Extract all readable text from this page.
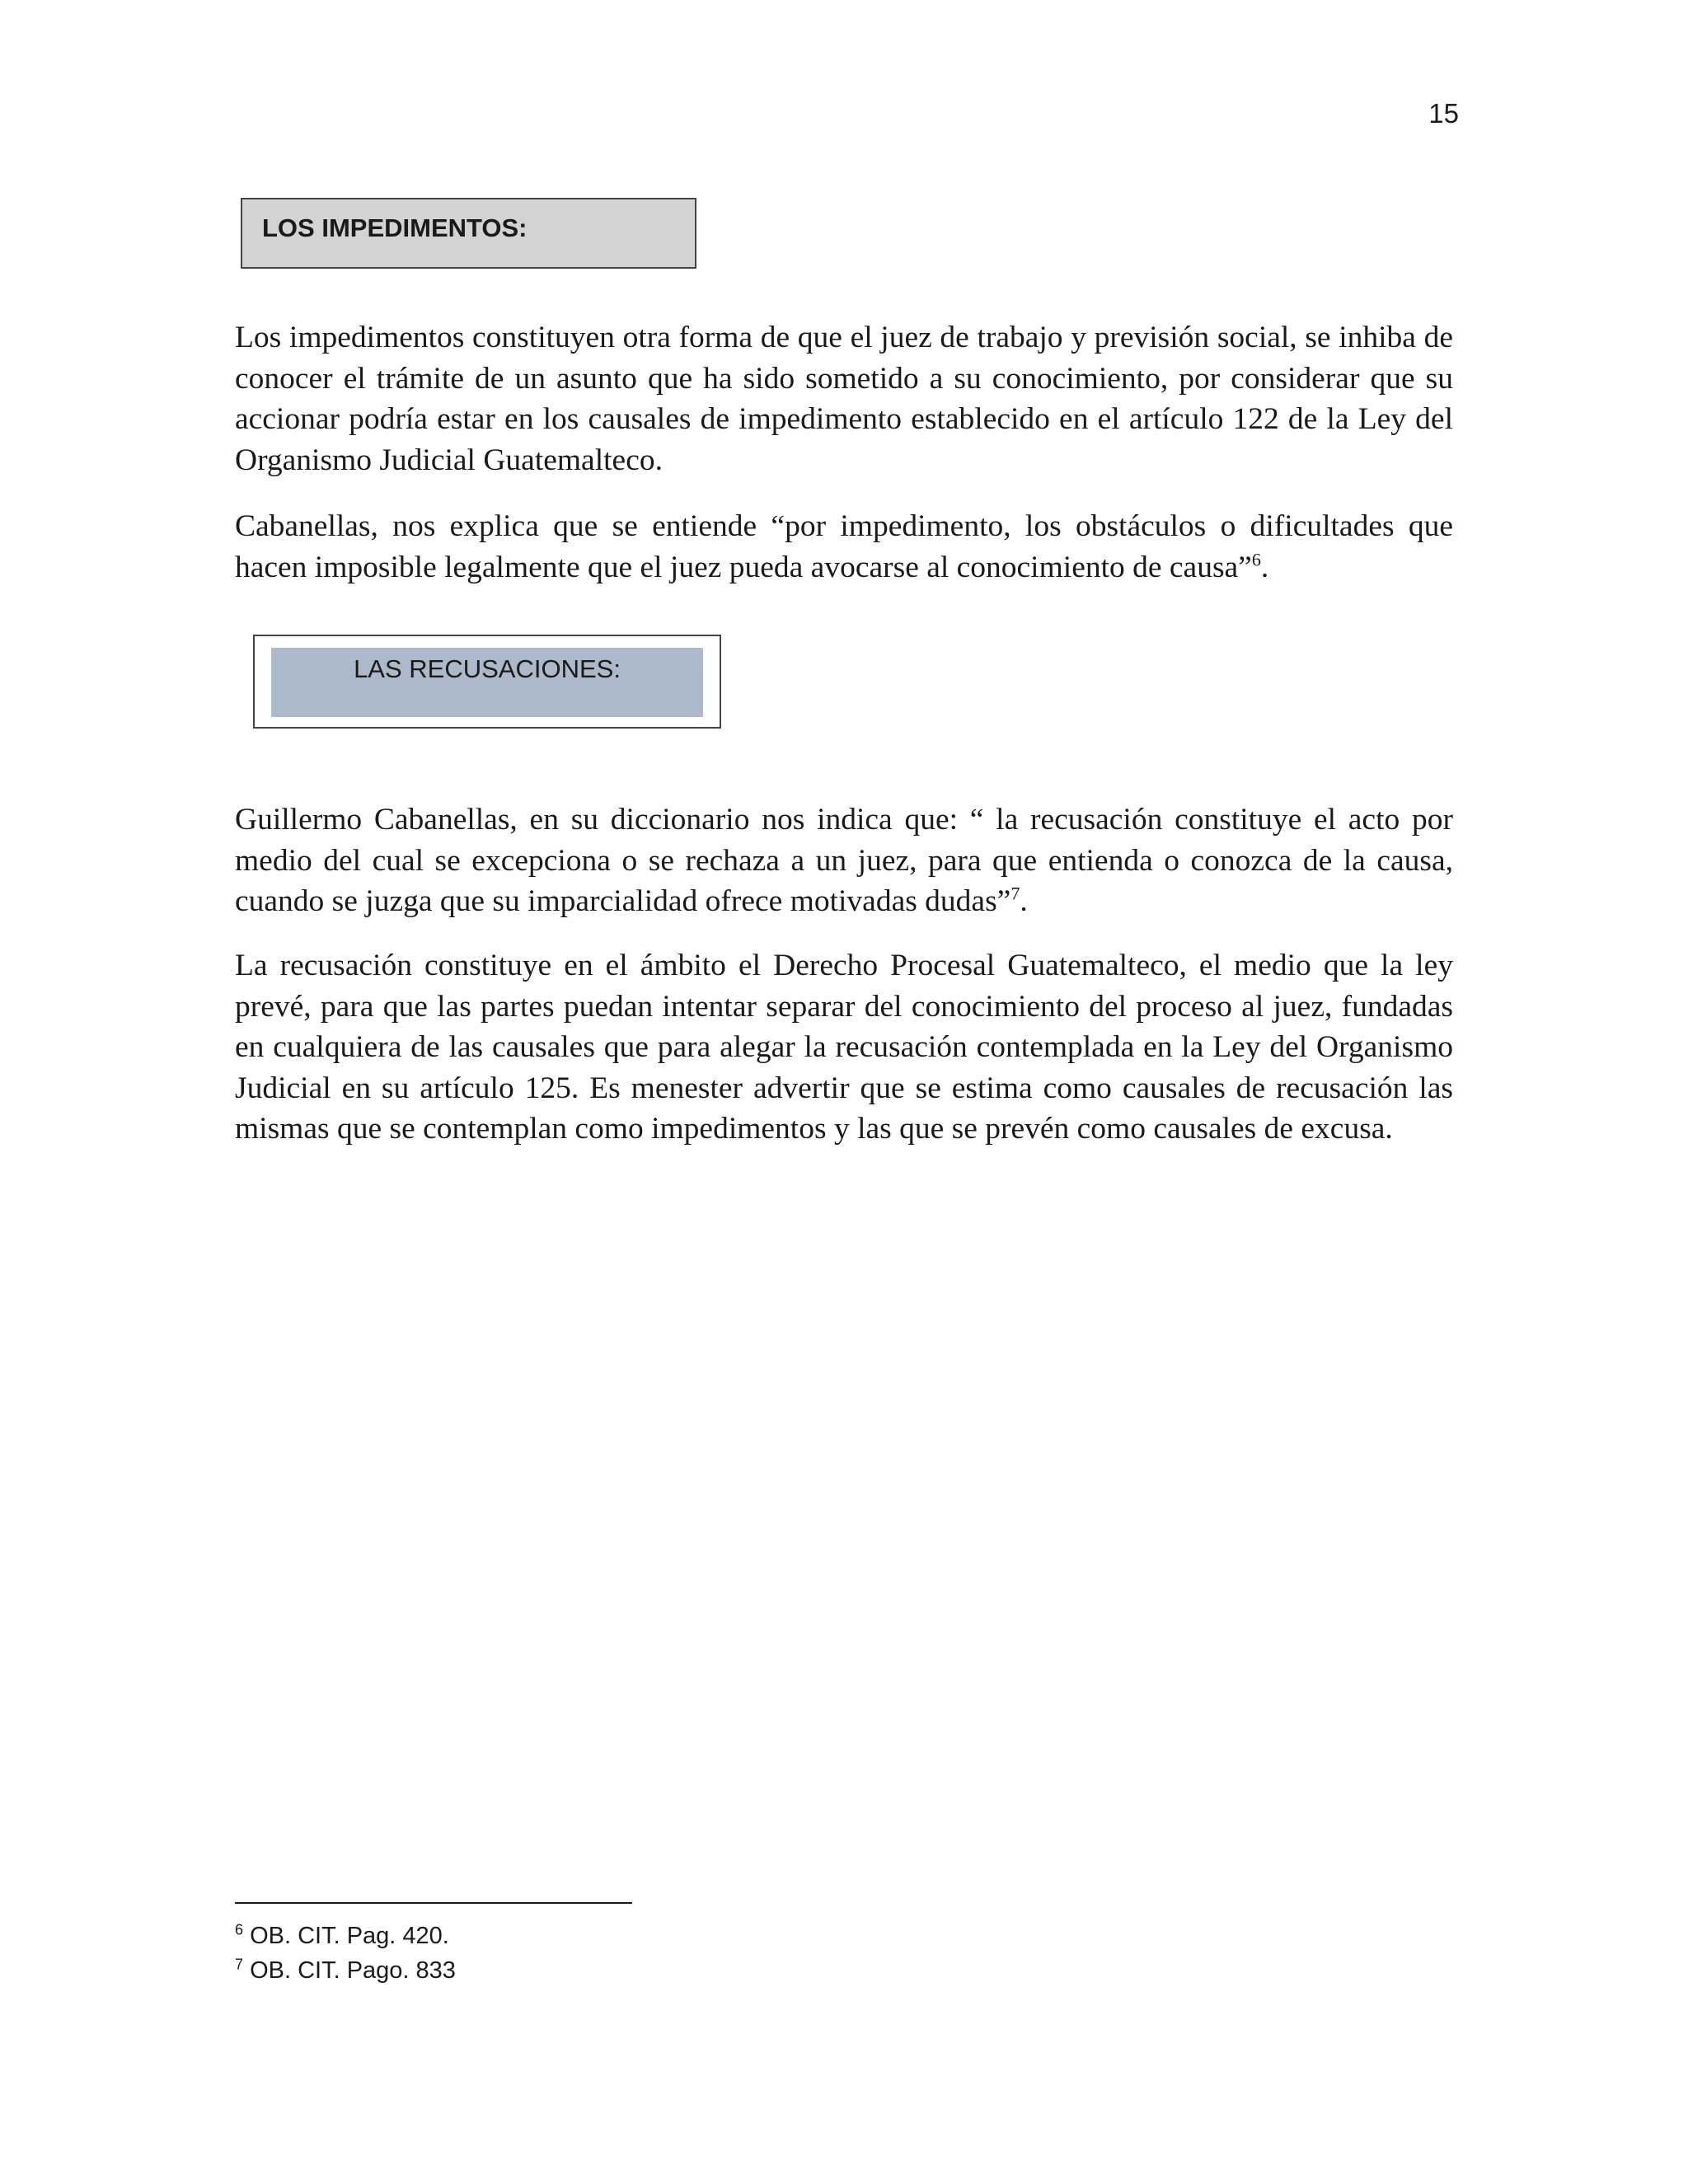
15
LOS IMPEDIMENTOS:

Los impedimentos constituyen otra forma de que el juez de trabajo y previsión social, se inhiba de conocer el trámite de un asunto que ha sido sometido a su conocimiento, por considerar que su accionar podría estar en los causales de impedimento establecido en el artículo 122 de la Ley del Organismo Judicial Guatemalteco.

Cabanellas, nos explica que se entiende “por impedimento, los obstáculos o dificultades que hacen imposible legalmente que el juez pueda avocarse al conocimiento de causa”$^6$.

LAS RECUSACIONES:

Guillermo Cabanellas, en su diccionario nos indica que: “ la recusación constituye el acto por medio del cual se excepciona o se rechaza a un juez, para que entienda o conozca de la causa, cuando se juzga que su imparcialidad ofrece motivadas dudas”$^7$.

La recusación constituye en el ámbito el Derecho Procesal Guatemalteco, el medio que la ley prevé, para que las partes puedan intentar separar del conocimiento del proceso al juez, fundadas en cualquiera de las causales que para alegar la recusación contemplada en la Ley del Organismo Judicial en su artículo 125. Es menester advertir que se estima como causales de recusación las mismas que se contemplan como impedimentos y las que se prevén como causales de excusa.

$^6$ OB. CIT. Pag. 420.
$^7$ OB. CIT. Pago. 833
